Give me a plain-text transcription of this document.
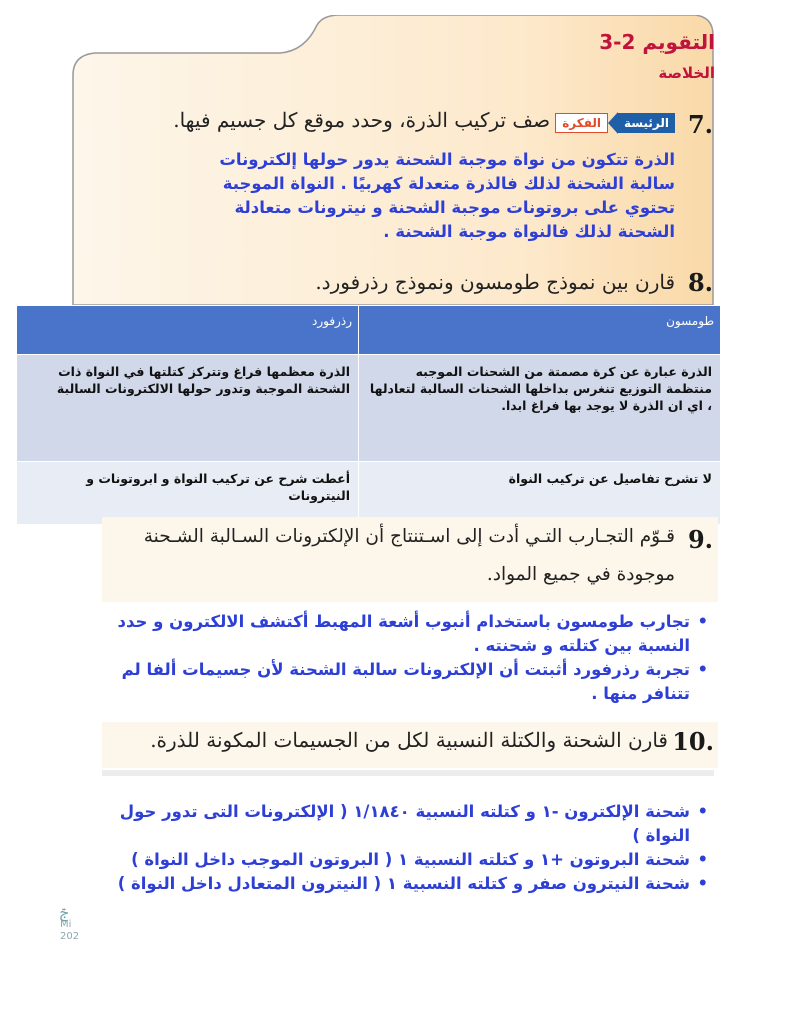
التقويم 2-3
الخلاصة
7.
الفكرة	الرئيسة
صف تركيب الذرة، وحدد موقع كل جسيم فيها.
الذرة تتكون من نواة موجبة الشحنة يدور حولها إلكترونات سالبة الشحنة لذلك فالذرة متعدلة كهربيًا . النواة الموجبة تحتوي على بروتونات موجبة الشحنة و نيترونات متعادلة الشحنة لذلك فالنواة موجبة الشحنة .
8.
قارن بين نموذج طومسون ونموذج رذرفورد.
طومسون	رذرفورد
الذرة عبارة عن كرة مصمتة من الشحنات الموجبه منتظمة التوزيع تنغرس بداخلها الشحنات السالبة لتعادلها ، اي ان الذرة لا يوجد بها فراغ ابدا.	الذرة معظمها فراغ وتتركز كتلتها في النواة ذات الشحنة الموجبة وتدور حولها الالكترونات السالبة
لا تشرح تفاصيل عن تركيب النواة	أعطت شرح عن تركيب النواة و ابروتونات و النيترونات
9.
قـوّم التجـارب التـي أدت إلى اسـتنتاج أن الإلكترونات السـالبة الشـحنة
موجودة في جميع المواد.
• تجارب طومسون باستخدام أنبوب أشعة المهبط أكتشف الالكترون و حدد النسبة بين كتلته و شحنته .
• تجربة رذرفورد أثبتت أن الإلكترونات سالبة الشحنة لأن جسيمات ألفا لم تتنافر منها .
10.
قارن الشحنة والكتلة النسبية لكل من الجسيمات المكونة للذرة.
• شحنة الإلكترون -١ و كتلته النسبية ١/١٨٤٠ ( الإلكترونات التى تدور حول النواة )
• شحنة البروتون +١ و كتلته النسبية ١ ( البروتون الموجب داخل النواة )
• شحنة النيترون صفر و كتلته النسبية ١ ( النيترون المتعادل داخل النواة )
ࢢ
Mi
202
